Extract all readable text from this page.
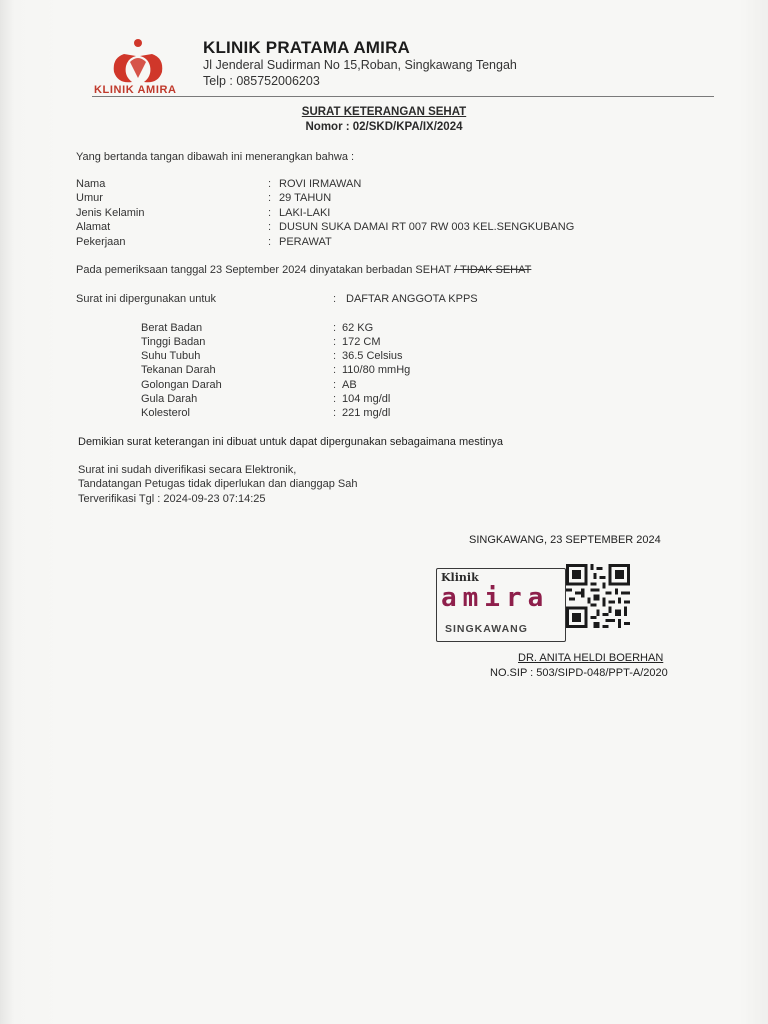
KLINIK AMIRA
KLINIK PRATAMA AMIRA
Jl Jenderal Sudirman No 15,Roban, Singkawang Tengah
Telp : 085752006203
SURAT KETERANGAN SEHAT
Nomor : 02/SKD/KPA/IX/2024
Yang bertanda tangan dibawah ini menerangkan bahwa :
Nama	: ROVI IRMAWAN
Umur	: 29 TAHUN
Jenis Kelamin	: LAKI-LAKI
Alamat	: DUSUN SUKA DAMAI RT 007 RW 003 KEL.SENGKUBANG
Pekerjaan	: PERAWAT
Pada pemeriksaan tanggal 23 September 2024 dinyatakan berbadan SEHAT / TIDAK SEHAT
Surat ini dipergunakan untuk	: DAFTAR ANGGOTA KPPS
Berat Badan	: 62 KG
Tinggi Badan	: 172 CM
Suhu Tubuh	: 36.5 Celsius
Tekanan Darah	: 110/80 mmHg
Golongan Darah	: AB
Gula Darah	: 104 mg/dl
Kolesterol	: 221 mg/dl
Demikian surat keterangan ini dibuat untuk dapat dipergunakan sebagaimana mestinya
Surat ini sudah diverifikasi secara Elektronik,
Tandatangan Petugas tidak diperlukan dan dianggap Sah
Terverifikasi Tgl : 2024-09-23 07:14:25
SINGKAWANG, 23 SEPTEMBER 2024
Klinik
amira
SINGKAWANG
DR. ANITA HELDI BOERHAN
NO.SIP : 503/SIPD-048/PPT-A/2020
